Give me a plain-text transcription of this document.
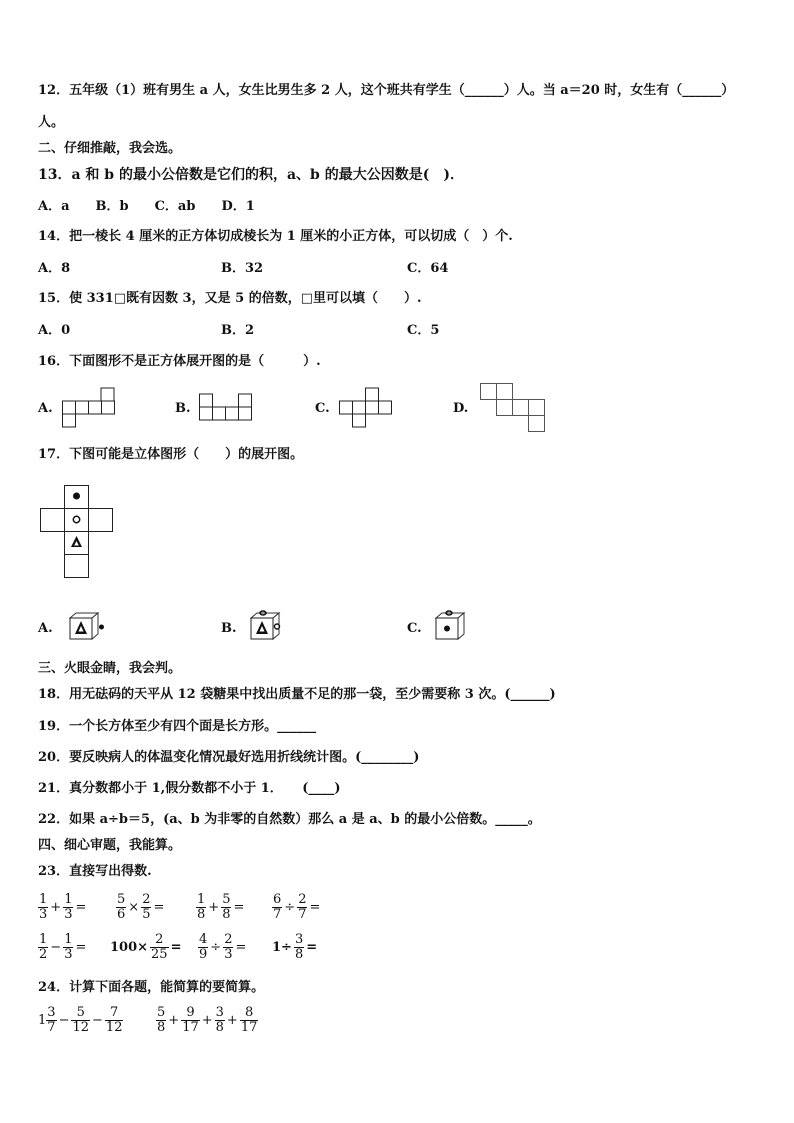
12．五年级（1）班有男生 a 人，女生比男生多 2 人，这个班共有学生（______）人。当 a＝20 时，女生有（______）
人。
二、仔细推敲，我会选。
13．a 和 b 的最小公倍数是它们的积，a、b 的最大公因数是(　)．
A．a　　B．b　　C．ab　　D．1
14．把一棱长 4 厘米的正方体切成棱长为 1 厘米的小正方体，可以切成（　）个.
A．8	B．32	C．64
15．使 331□既有因数 3，又是 5 的倍数，□里可以填（　　）.
A．0	B．2	C．5
16．下面图形不是正方体展开图的是（　　　）.
A.	B.	C.	D.
17．下图可能是立体图形（　　）的展开图。
A.	B.	C.
三、火眼金睛，我会判。
18．用无砝码的天平从 12 袋糖果中找出质量不足的那一袋，至少需要称 3 次。(______)
19．一个长方体至少有四个面是长方形。______
20．要反映病人的体温变化情况最好选用折线统计图。(________)
21．真分数都小于 1,假分数都不小于 1．　　(____)
22．如果 a÷b＝5，(a、b 为非零的自然数）那么 a 是 a、b 的最小公倍数。_____。
四、细心审题，我能算。
23．直接写出得数.
$\frac{1}{3} + \frac{1}{3} = \frac{5}{6} \times \frac{2}{5} = \frac{1}{8} + \frac{5}{8} = \frac{6}{7} \div \frac{2}{7}$ =
$\frac{1}{2} - \frac{1}{3} = 100\times \frac{2}{25} = \frac{4}{9} \div \frac{2}{3} = 1\div \frac{3}{8}$ =
24．计算下面各题，能简算的要简算。
$1 \frac{3}{7} - \frac{5}{12} - \frac{7}{12}$	$\frac{5}{8} + \frac{9}{17} + \frac{3}{8} + \frac{8}{17}$
